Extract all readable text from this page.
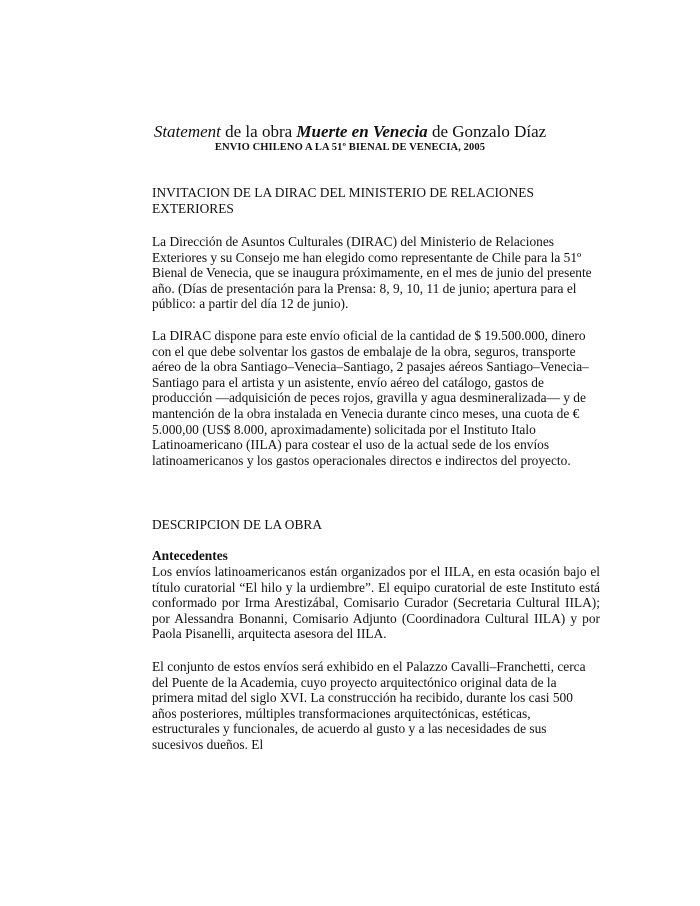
Statement de la obra Muerte en Venecia de Gonzalo Díaz
ENVIO CHILENO A LA 51º BIENAL DE VENECIA, 2005

INVITACION DE LA DIRAC DEL MINISTERIO DE RELACIONES EXTERIORES

La Dirección de Asuntos Culturales (DIRAC) del Ministerio de Relaciones Exteriores y su Consejo me han elegido como representante de Chile para la 51º Bienal de Venecia, que se inaugura próximamente, en el mes de junio del presente año. (Días de presentación para la Prensa: 8, 9, 10, 11 de junio; apertura para el público: a partir del día 12 de junio).

La DIRAC dispone para este envío oficial de la cantidad de $ 19.500.000, dinero con el que debe solventar los gastos de embalaje de la obra, seguros, transporte aéreo de la obra Santiago–Venecia–Santiago, 2 pasajes aéreos Santiago–Venecia–Santiago para el artista y un asistente, envío aéreo del catálogo, gastos de producción —adquisición de peces rojos, gravilla y agua desmineralizada— y de mantención de la obra instalada en Venecia durante cinco meses, una cuota de € 5.000,00 (US$ 8.000, aproximadamente) solicitada por el Instituto Italo Latinoamericano (IILA) para costear el uso de la actual sede de los envíos latinoamericanos y los gastos operacionales directos e indirectos del proyecto.

DESCRIPCION DE LA OBRA

Antecedentes

Los envíos latinoamericanos están organizados por el IILA, en esta ocasión bajo el título curatorial “El hilo y la urdiembre”. El equipo curatorial de este Instituto está conformado por Irma Arestizábal, Comisario Curador (Secretaria Cultural IILA); por Alessandra Bonanni, Comisario Adjunto (Coordinadora Cultural IILA) y por Paola Pisanelli, arquitecta asesora del IILA.

El conjunto de estos envíos será exhibido en el Palazzo Cavalli–Franchetti, cerca del Puente de la Academia, cuyo proyecto arquitectónico original data de la primera mitad del siglo XVI. La construcción ha recibido, durante los casi 500 años posteriores, múltiples transformaciones arquitectónicas, estéticas, estructurales y funcionales, de acuerdo al gusto y a las necesidades de sus sucesivos dueños. El
